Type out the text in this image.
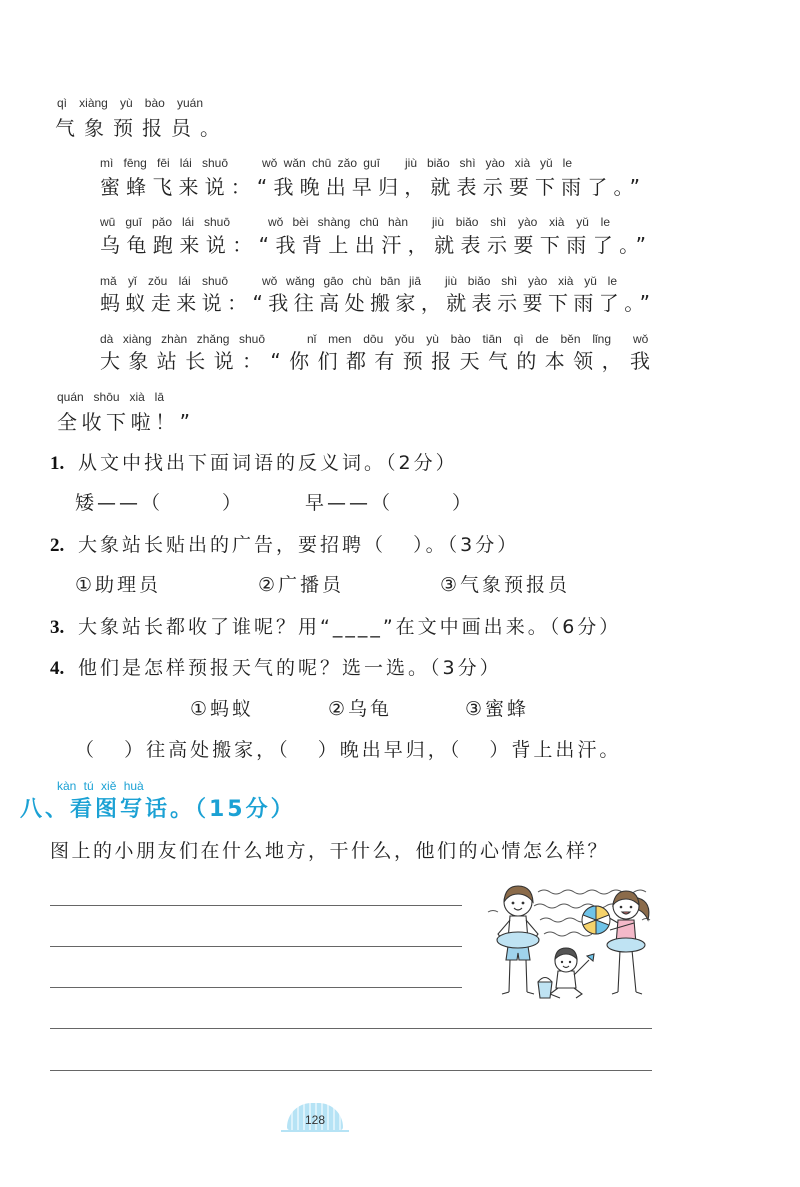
qì xiàng yù bào yuán
气象预报员。
mì fēng fēi lái shuō	wǒ wǎn chū zǎo guī jiù biǎo shì yào xià yǔ le
蜜蜂飞来说：“我晚出早归，就表示要下雨了。”
wū guī pǎo lái shuō	wǒ bèi shàng chū hàn jiù biǎo shì yào xià yǔ le
乌龟跑来说：“我背上出汗，就表示要下雨了。”
mǎ yǐ zǒu lái shuō	wǒ wǎng gāo chù bān jiā jiù biǎo shì yào xià yǔ le
蚂蚁走来说：“我往高处搬家，就表示要下雨了。”
dà xiàng zhàn zhǎng shuō	nǐ men dōu yǒu yù bào tiān qì de běn lǐng wǒ
大象站长说：“你们都有预报天气的本领，我
quán shōu xià lā
全收下啦！”
1. 从文中找出下面词语的反义词。（2分）
矮——（	）	早——（	）
2. 大象站长贴出的广告，要招聘（   ）。（3分）
①助理员	②广播员	③气象预报员
3. 大象站长都收了谁呢？用“____”在文中画出来。（6分）
4. 他们是怎样预报天气的呢？选一选。（3分）
①蚂蚁	②乌龟	③蜜蜂
（   ）往高处搬家，（   ）晚出早归，（   ）背上出汗。
kàn tú xiě huà
八、看图写话。（15分）
图上的小朋友们在什么地方，干什么，他们的心情怎么样？
128
